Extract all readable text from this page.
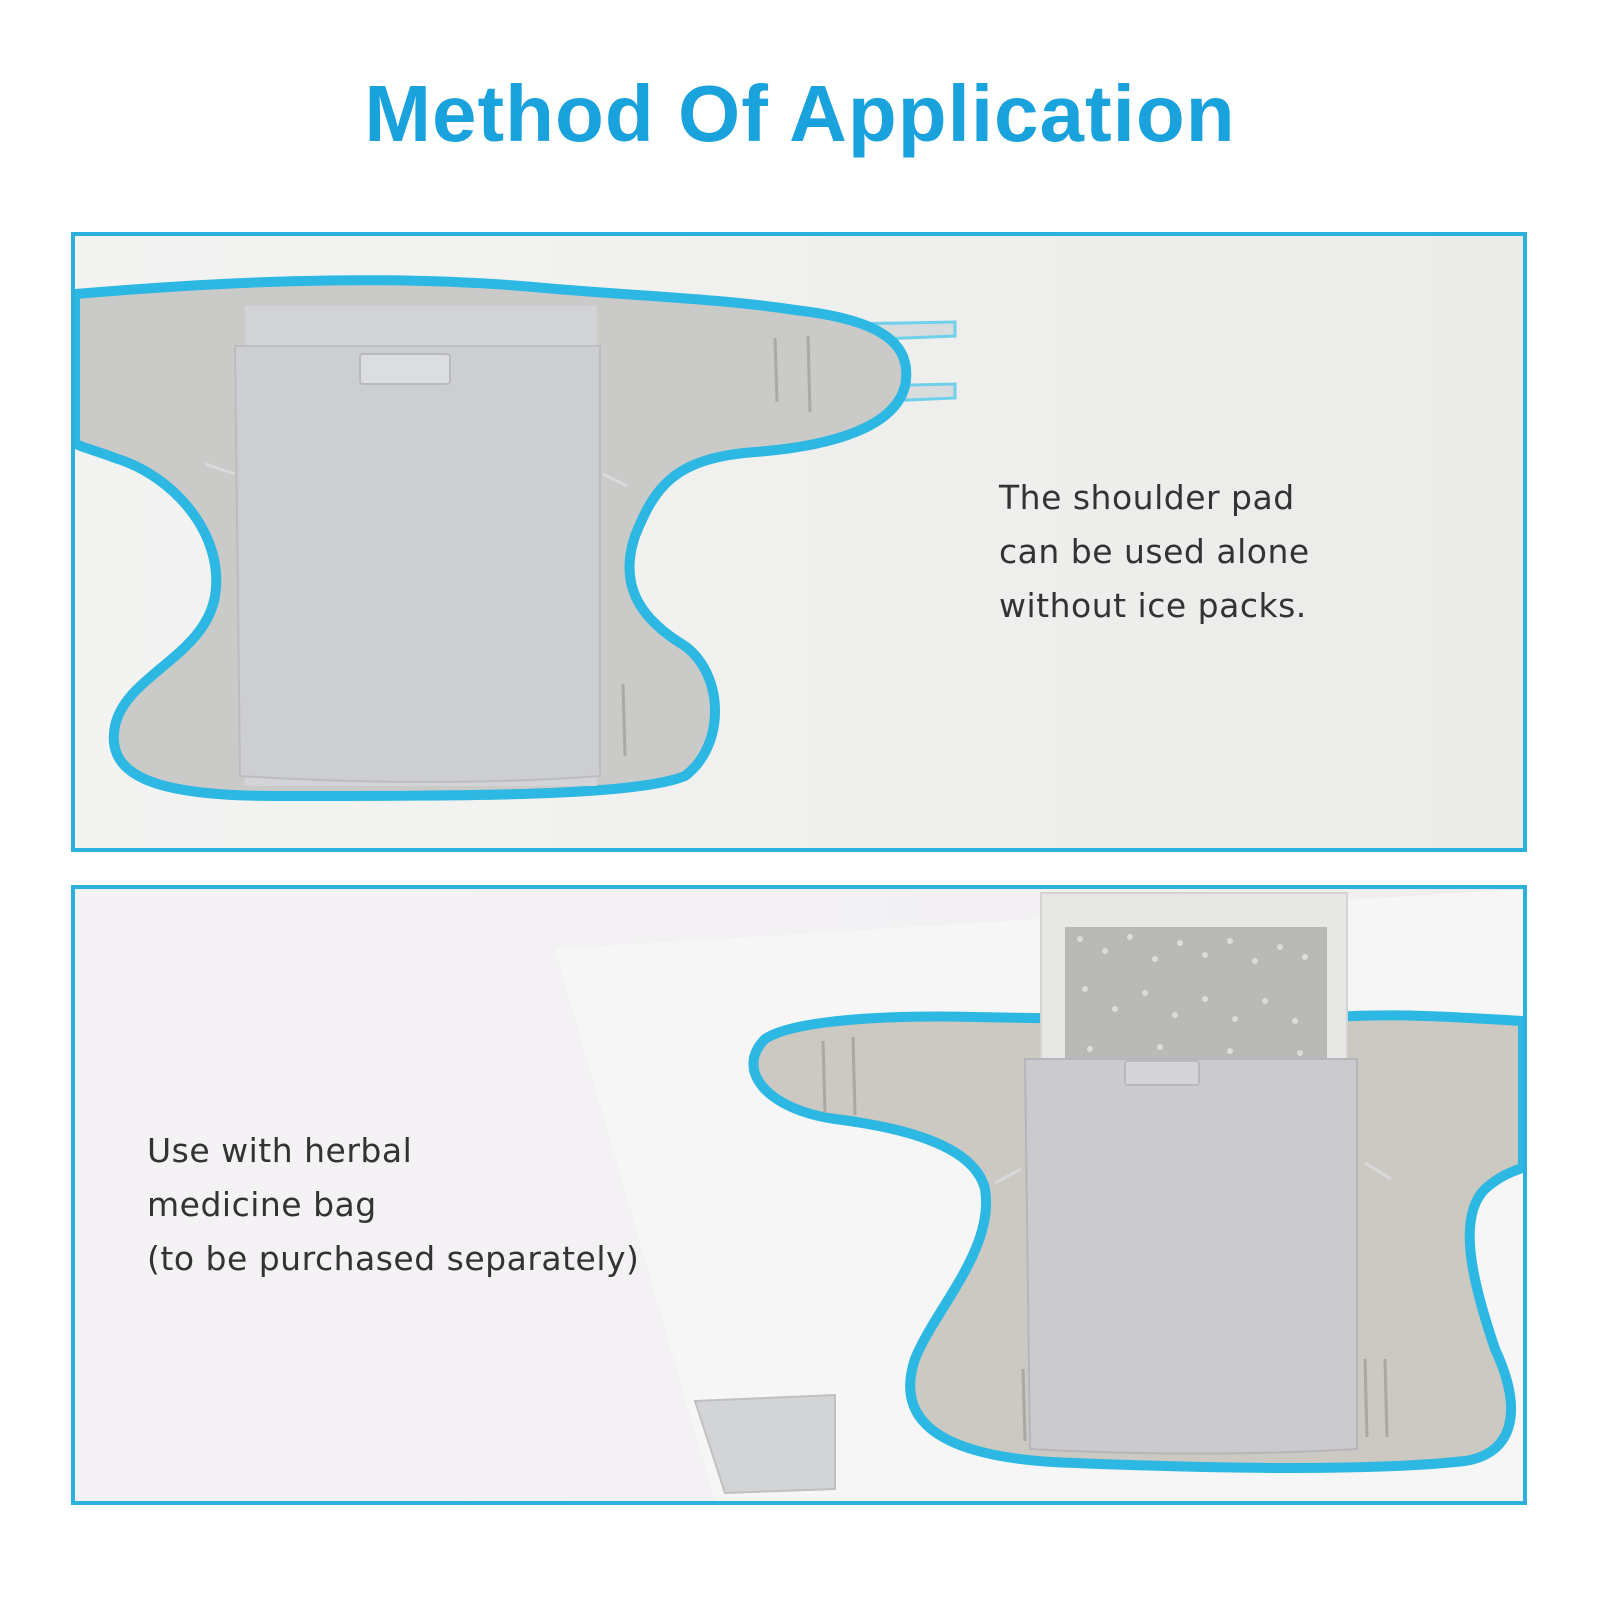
Method Of Application
The shoulder pad
can be used alone
without ice packs.
Use with herbal
medicine bag
(to be purchased separately)
